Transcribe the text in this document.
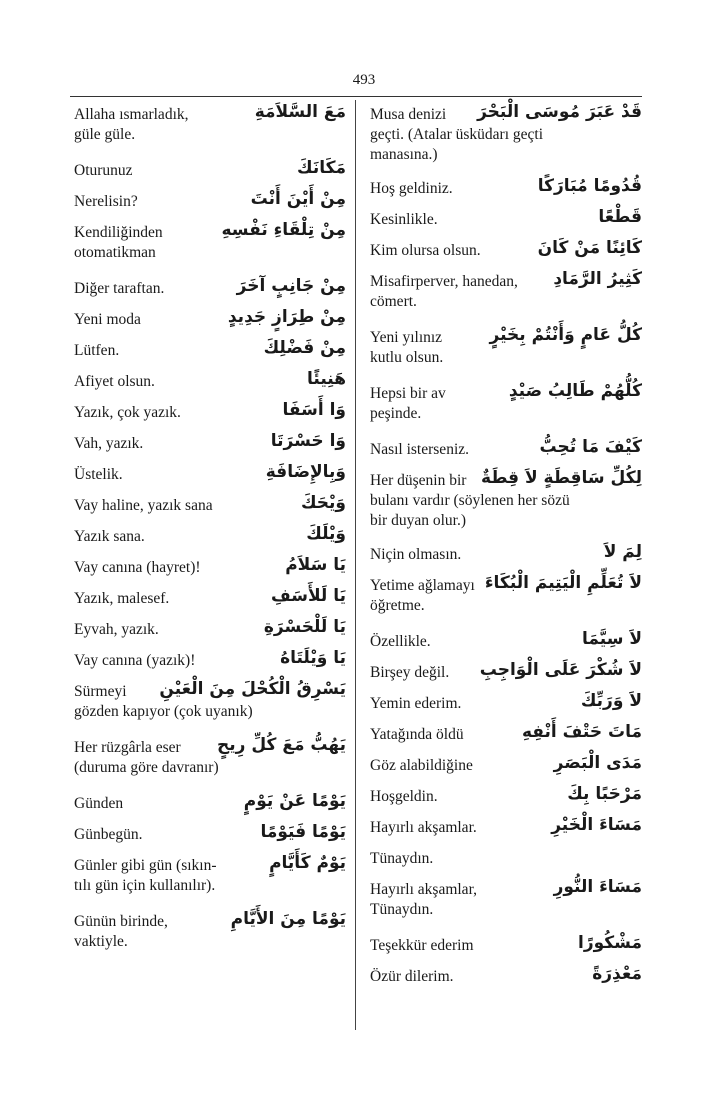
493
Allaha ısmarladık,
güle güle.
مَعَ السَّلاَمَةِ
Oturunuz	مَكَانَكَ
Nerelisin?	مِنْ أَيْنَ أَنْتَ
Kendiliğinden
otomatikman
مِنْ تِلْقَاءِ نَفْسِهِ
Diğer taraftan.	مِنْ جَانِبٍ آخَرَ
Yeni moda	مِنْ طِرَازٍ جَدِيدٍ
Lütfen.	مِنْ فَضْلِكَ
Afiyet olsun.	هَنِيئًا
Yazık, çok yazık.	وَا أَسَفَا
Vah, yazık.	وَا حَسْرَتَا
Üstelik.	وَبِالإِضَافَةِ
Vay haline, yazık sana	وَيْحَكَ
Yazık sana.	وَيْلَكَ
Vay canına (hayret)!	يَا سَلاَمُ
Yazık, malesef.	يَا لَلأَسَفِ
Eyvah, yazık.	يَا لَلْحَسْرَةِ
Vay canına (yazık)!	يَا وَيْلَتَاهُ
Sürmeyi
gözden kapıyor (çok uyanık)
يَسْرِقُ الْكُحْلَ مِنَ الْعَيْنِ
Her rüzgârla eser
(duruma göre davranır)
يَهُبُّ مَعَ كُلِّ رِيحٍ
Günden	يَوْمًا عَنْ يَوْمٍ
Günbegün.	يَوْمًا فَيَوْمًا
Günler gibi gün (sıkın-
tılı gün için kullanılır).
يَوْمٌ كَأَيَّامٍ
Günün birinde,
vaktiyle.
يَوْمًا مِنَ الأَيَّامِ
Musa denizi
geçti. (Atalar üsküdarı geçti
manasına.)
قَدْ عَبَرَ مُوسَى الْبَحْرَ
Hoş geldiniz.	قُدُومًا مُبَارَكًا
Kesinlikle.	قَطْعًا
Kim olursa olsun.	كَائِنًا مَنْ كَانَ
Misafirperver, hanedan,
cömert.
كَثِيرُ الرَّمَادِ
Yeni yılınız
kutlu olsun.
كُلُّ عَامٍ وَأَنْتُمْ بِخَيْرٍ
Hepsi bir av
peşinde.
كُلُّهُمْ طَالِبُ صَيْدٍ
Nasıl isterseniz.	كَيْفَ مَا تُحِبُّ
Her düşenin bir
bulanı vardır (söylenen her sözü
bir duyan olur.)
لِكُلِّ سَاقِطَةٍ لاَ قِطَةٌ
Niçin olmasın.	لِمَ لاَ
Yetime ağlamayı
öğretme.
لاَ تُعَلِّمِ الْيَتِيمَ الْبُكَاءَ
Özellikle.	لاَ سِيَّمَا
Birşey değil.	لاَ شُكْرَ عَلَى الْوَاجِبِ
Yemin ederim.	لاَ وَرَبِّكَ
Yatağında öldü	مَاتَ حَتْفَ أَنْفِهِ
Göz alabildiğine	مَدَى الْبَصَرِ
Hoşgeldin.	مَرْحَبًا بِكَ
Hayırlı akşamlar.	مَسَاءَ الْخَيْرِ
Tünaydın.
Hayırlı akşamlar,
Tünaydın.
مَسَاءَ النُّورِ
Teşekkür ederim	مَشْكُورًا
Özür dilerim.	مَعْذِرَةً
